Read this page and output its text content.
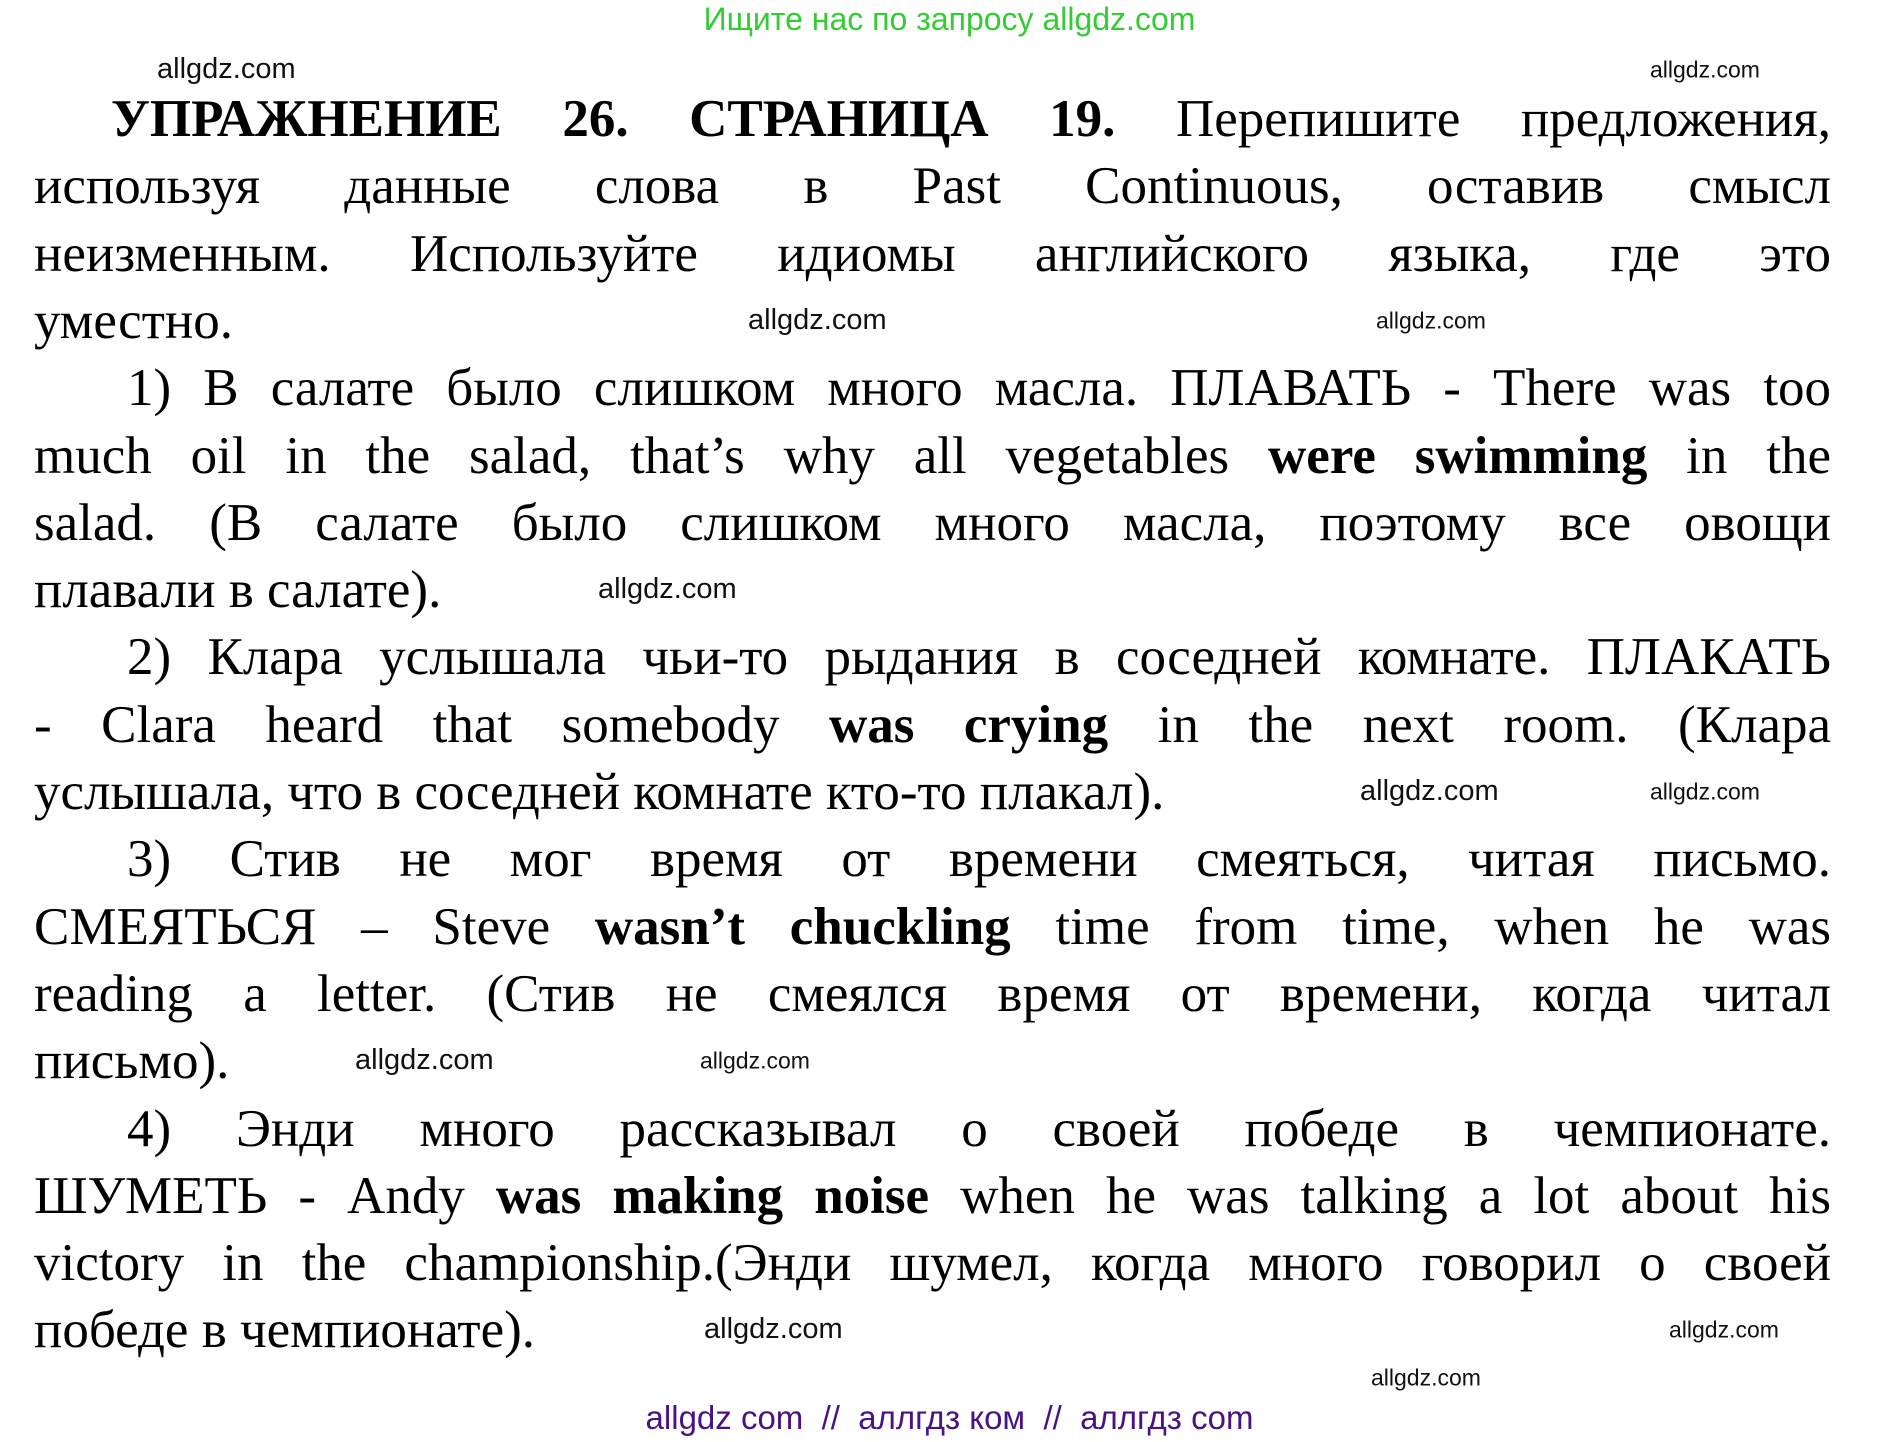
Ищите нас по запросу allgdz.com
УПРАЖНЕНИЕ 26. СТРАНИЦА 19. Перепишите предложения,
используя данные слова в Past Continuous, оставив смысл
неизменным. Используйте идиомы английского языка, где это
уместно.
1) В салате было слишком много масла. ПЛАВАТЬ - There was too
much oil in the salad, that’s why all vegetables were swimming in the
salad. (В салате было слишком много масла, поэтому все овощи
плавали в салате).
2) Клара услышала чьи-то рыдания в соседней комнате. ПЛАКАТЬ
- Clara heard that somebody was crying in the next room. (Клара
услышала, что в соседней комнате кто-то плакал).
3) Стив не мог время от времени смеяться, читая письмо.
СМЕЯТЬСЯ – Steve wasn’t chuckling time from time, when he was
reading a letter. (Стив не смеялся время от времени, когда читал
письмо).
4) Энди много рассказывал о своей победе в чемпионате.
ШУМЕТЬ - Andy was making noise when he was talking a lot about his
victory in the championship.(Энди шумел, когда много говорил о своей
победе в чемпионате).
allgdz.com	allgdz.com
allgdz.com
allgdz.com
allgdz.com
allgdz.com
allgdz.com
allgdz.com
allgdz.com
allgdz.com
allgdz.com
allgdz.com
allgdz com  //  аллгдз ком  //  аллгдз com
